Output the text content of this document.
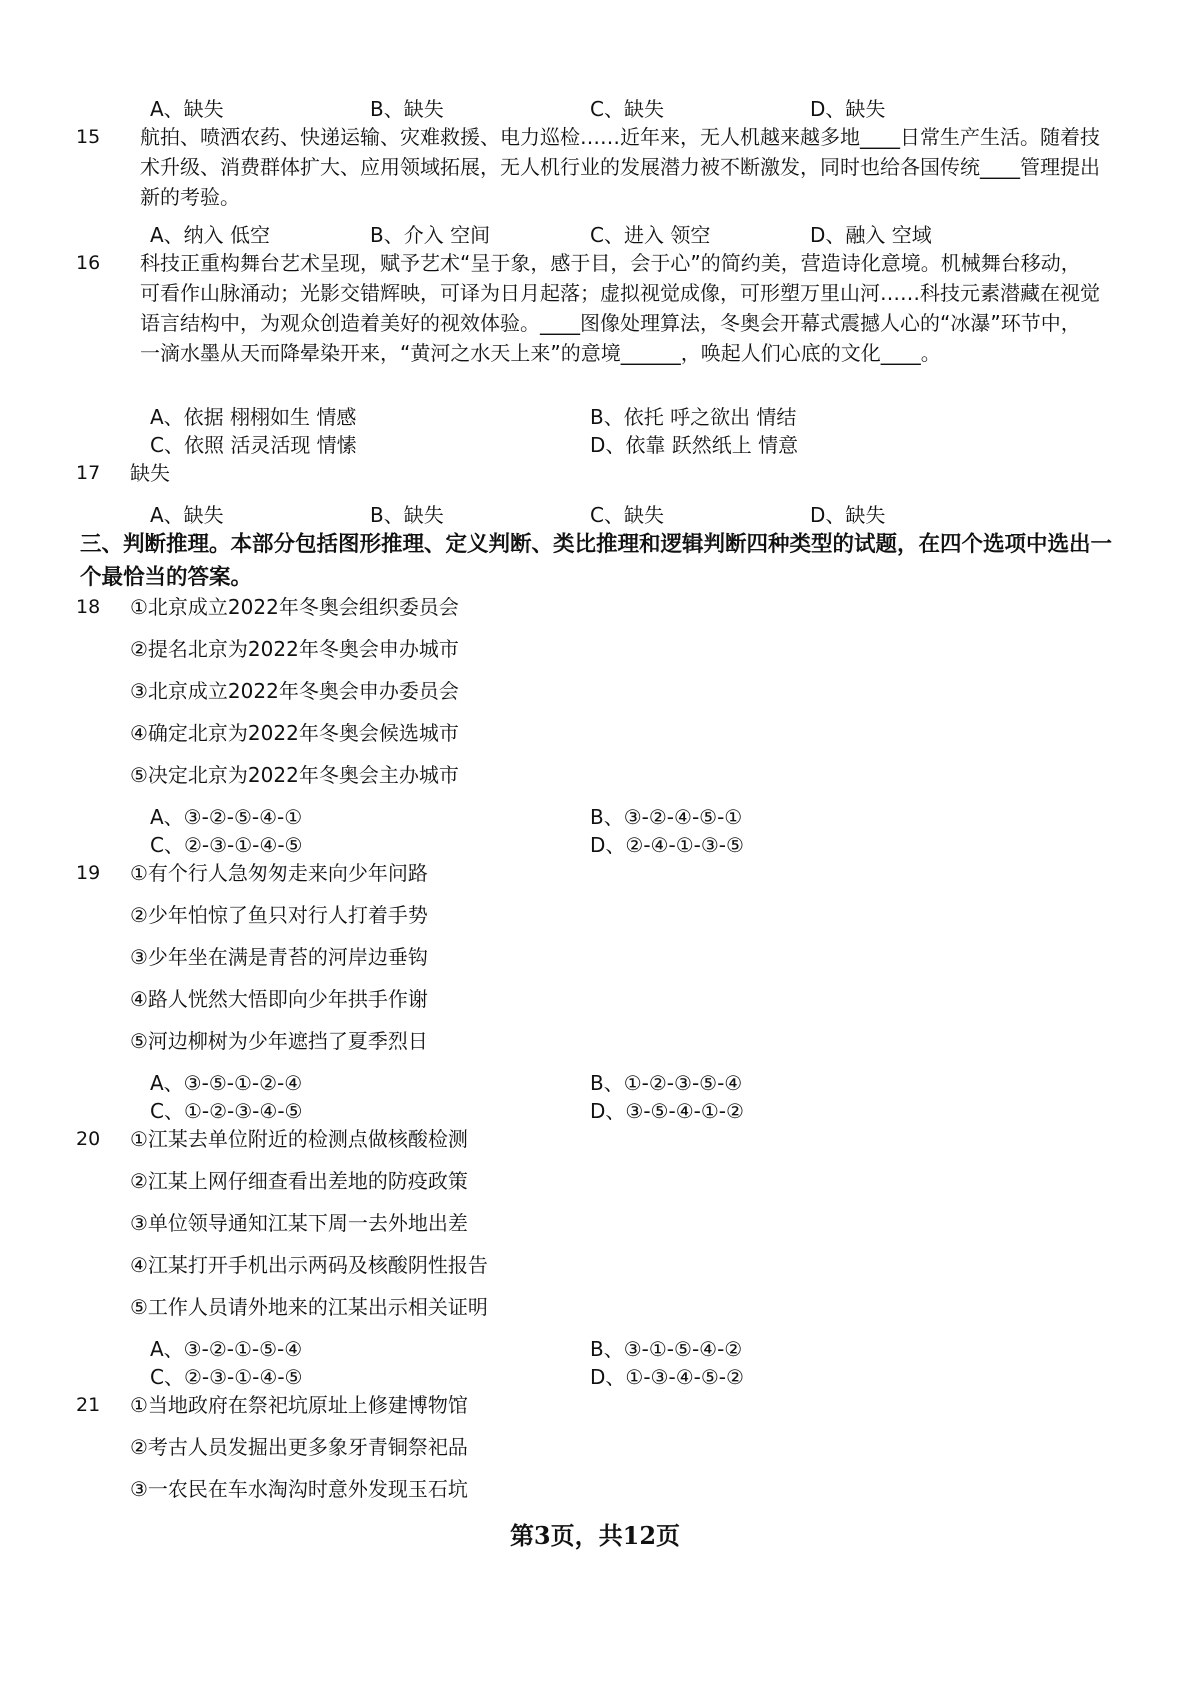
A、缺失	B、缺失	C、缺失	D、缺失
15 航拍、喷洒农药、快递运输、灾难救援、电力巡检……近年来，无人机越来越多地____日常生产生活。随着技术升级、消费群体扩大、应用领域拓展，无人机行业的发展潜力被不断激发，同时也给各国传统____管理提出新的考验。
A、纳入 低空	B、介入 空间	C、进入 领空	D、融入 空域
16 科技正重构舞台艺术呈现，赋予艺术“呈于象，感于目，会于心”的简约美，营造诗化意境。机械舞台移动，可看作山脉涌动；光影交错辉映，可译为日月起落；虚拟视觉成像，可形塑万里山河……科技元素潜藏在视觉语言结构中，为观众创造着美好的视效体验。____图像处理算法，冬奥会开幕式震撼人心的“冰瀑”环节中，一滴水墨从天而降晕染开来，“黄河之水天上来”的意境______，唤起人们心底的文化____。
A、依据 栩栩如生 情感	B、依托 呼之欲出 情结
C、依照 活灵活现 情愫	D、依靠 跃然纸上 情意
17 缺失
A、缺失	B、缺失	C、缺失	D、缺失
三、判断推理。本部分包括图形推理、定义判断、类比推理和逻辑判断四种类型的试题，在四个选项中选出一个最恰当的答案。
18 ①北京成立2022年冬奥会组织委员会
②提名北京为2022年冬奥会申办城市
③北京成立2022年冬奥会申办委员会
④确定北京为2022年冬奥会候选城市
⑤决定北京为2022年冬奥会主办城市
A、③-②-⑤-④-①	B、③-②-④-⑤-①
C、②-③-①-④-⑤	D、②-④-①-③-⑤
19 ①有个行人急匆匆走来向少年问路
②少年怕惊了鱼只对行人打着手势
③少年坐在满是青苔的河岸边垂钩
④路人恍然大悟即向少年拱手作谢
⑤河边柳树为少年遮挡了夏季烈日
A、③-⑤-①-②-④	B、①-②-③-⑤-④
C、①-②-③-④-⑤	D、③-⑤-④-①-②
20 ①江某去单位附近的检测点做核酸检测
②江某上网仔细查看出差地的防疫政策
③单位领导通知江某下周一去外地出差
④江某打开手机出示两码及核酸阴性报告
⑤工作人员请外地来的江某出示相关证明
A、③-②-①-⑤-④	B、③-①-⑤-④-②
C、②-③-①-④-⑤	D、①-③-④-⑤-②
21 ①当地政府在祭祀坑原址上修建博物馆
②考古人员发掘出更多象牙青铜祭祀品
③一农民在车水淘沟时意外发现玉石坑
第3页，共12页
